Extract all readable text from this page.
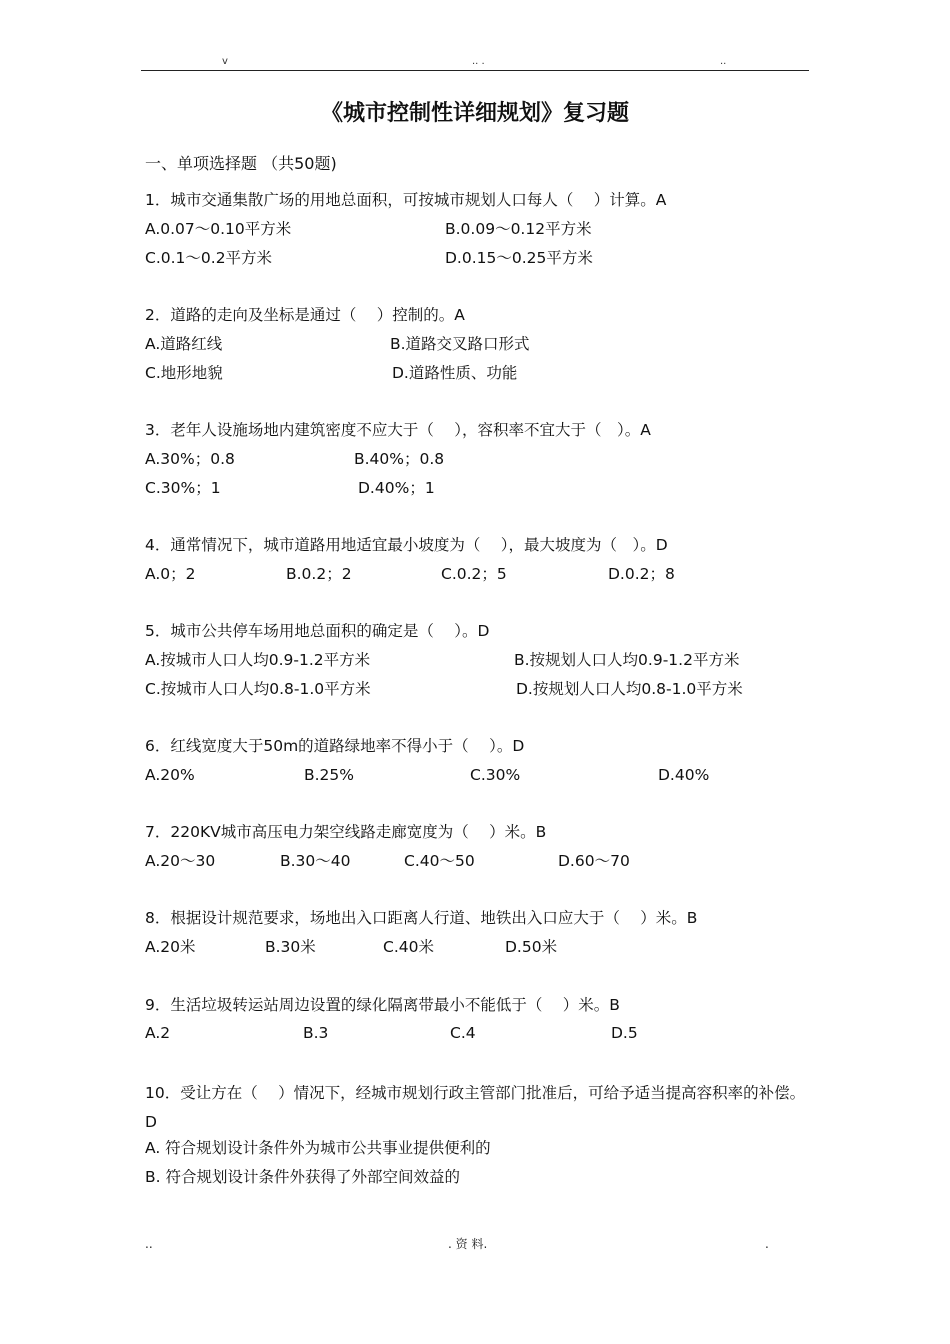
v	.. .	..
《城市控制性详细规划》复习题
一、单项选择题 （共50题)
1．城市交通集散广场的用地总面积，可按城市规划人口每人（　 ）计算。A
A.0.07～0.10平方米	B.0.09～0.12平方米
C.0.1～0.2平方米	D.0.15～0.25平方米
2．道路的走向及坐标是通过（　 ）控制的。A
A.道路红线	B.道路交叉路口形式
C.地形地貌	D.道路性质、功能
3．老年人设施场地内建筑密度不应大于（　 ），容积率不宜大于（　）。A
A.30%；0.8	B.40%；0.8
C.30%；1	D.40%；1
4．通常情况下，城市道路用地适宜最小坡度为（　 ），最大坡度为（　）。D
A.0；2	B.0.2；2	C.0.2；5	D.0.2；8
5．城市公共停车场用地总面积的确定是（　 ）。D
A.按城市人口人均0.9-1.2平方米	B.按规划人口人均0.9-1.2平方米
C.按城市人口人均0.8-1.0平方米	D.按规划人口人均0.8-1.0平方米
6．红线宽度大于50m的道路绿地率不得小于（　 ）。D
A.20%	B.25%	C.30%	D.40%
7．220KV城市高压电力架空线路走廊宽度为（　 ）米。B
A.20～30	B.30～40	C.40～50	D.60～70
8．根据设计规范要求，场地出入口距离人行道、地铁出入口应大于（　 ）米。B
A.20米	B.30米	C.40米	D.50米
9．生活垃圾转运站周边设置的绿化隔离带最小不能低于（　 ）米。B
A.2	B.3	C.4	D.5
10．受让方在（　 ）情况下，经城市规划行政主管部门批准后，可给予适当提高容积率的补偿。D
A. 符合规划设计条件外为城市公共事业提供便利的
B. 符合规划设计条件外获得了外部空间效益的
..	. 资 料.	.
